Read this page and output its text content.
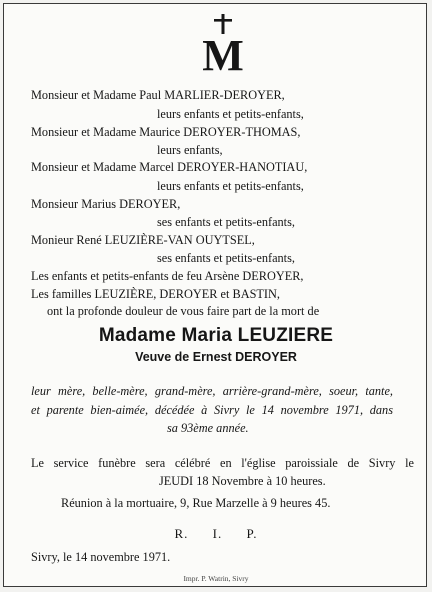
M
Monsieur et Madame Paul MARLIER-DEROYER,
leurs enfants et petits-enfants,
Monsieur et Madame Maurice DEROYER-THOMAS,
leurs enfants,
Monsieur et Madame Marcel DEROYER-HANOTIAU,
leurs enfants et petits-enfants,
Monsieur Marius DEROYER,
ses enfants et petits-enfants,
Monieur René LEUZIÈRE-VAN OUYTSEL,
ses enfants et petits-enfants,
Les enfants et petits-enfants de feu Arsène DEROYER,
Les familles LEUZIÈRE, DEROYER et BASTIN,
ont la profonde douleur de vous faire part de la mort de
Madame Maria LEUZIERE
Veuve de Ernest DEROYER
leur mère, belle-mère, grand-mère, arrière-grand-mère, soeur, tante,
et parente bien-aimée, décédée à Sivry le 14 novembre 1971, dans
sa 93ème année.
Le service funèbre sera célébré en l'église paroissiale de Sivry le
JEUDI 18 Novembre à 10 heures.
Réunion à la mortuaire, 9, Rue Marzelle à 9 heures 45.
R. I. P.
Sivry, le 14 novembre 1971.
Impr. P. Watrin, Sivry
